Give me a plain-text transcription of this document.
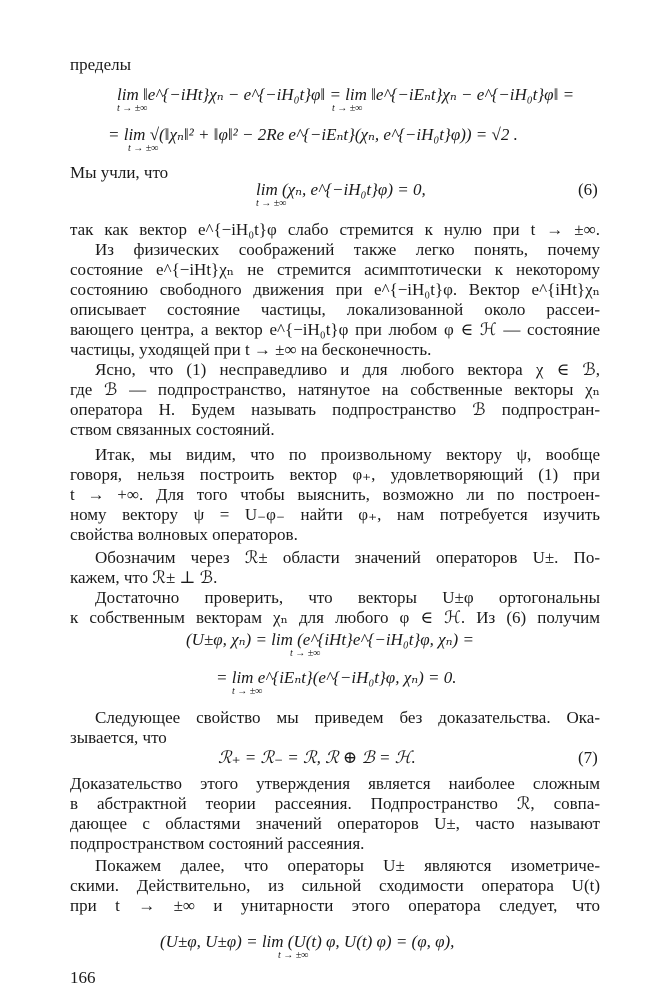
пределы
lim ‖e^{−iHt}χₙ − e^{−iH₀t}φ‖ = lim ‖e^{−iEₙt}χₙ − e^{−iH₀t}φ‖ =
t → ±∞	t → ±∞
= lim √(‖χₙ‖² + ‖φ‖² − 2Re e^{−iEₙt}(χₙ, e^{−iH₀t}φ)) = √2 .
t → ±∞
Мы учли, что
lim (χₙ, e^{−iH₀t}φ) = 0,
t → ±∞
(6)
так как вектор e^{−iH₀t}φ слабо стремится к нулю при t → ±∞.
Из физических соображений также легко понять, почему
состояние e^{−iHt}χₙ не стремится асимптотически к некоторому
состоянию свободного движения при e^{−iH₀t}φ. Вектор e^{iHt}χₙ
описывает состояние частицы, локализованной около рассеи-
вающего центра, а вектор e^{−iH₀t}φ при любом φ ∈ ℋ — состояние
частицы, уходящей при t → ±∞ на бесконечность.
Ясно, что (1) несправедливо и для любого вектора χ ∈ ℬ,
где ℬ — подпространство, натянутое на собственные векторы χₙ
оператора H. Будем называть подпространство ℬ подпростран-
ством связанных состояний.
Итак, мы видим, что по произвольному вектору ψ, вообще
говоря, нельзя построить вектор φ₊, удовлетворяющий (1) при
t → +∞. Для того чтобы выяснить, возможно ли по построен-
ному вектору ψ = U₋φ₋ найти φ₊, нам потребуется изучить
свойства волновых операторов.
Обозначим через ℛ± области значений операторов U±. По-
кажем, что ℛ± ⊥ ℬ.
Достаточно проверить, что векторы U±φ ортогональны
к собственным векторам χₙ для любого φ ∈ ℋ. Из (6) получим
(U±φ, χₙ) = lim (e^{iHt}e^{−iH₀t}φ, χₙ) =
t → ±∞
= lim e^{iEₙt}(e^{−iH₀t}φ, χₙ) = 0.
t → ±∞
Следующее свойство мы приведем без доказательства. Ока-
зывается, что
ℛ₊ = ℛ₋ = ℛ, ℛ ⊕ ℬ = ℋ.	(7)
Доказательство этого утверждения является наиболее сложным
в абстрактной теории рассеяния. Подпространство ℛ, совпа-
дающее с областями значений операторов U±, часто называют
подпространством состояний рассеяния.
Покажем далее, что операторы U± являются изометриче-
скими. Действительно, из сильной сходимости оператора U(t)
при t → ±∞ и унитарности этого оператора следует, что
(U±φ, U±φ) = lim (U(t) φ, U(t) φ) = (φ, φ),
t → ±∞
166
